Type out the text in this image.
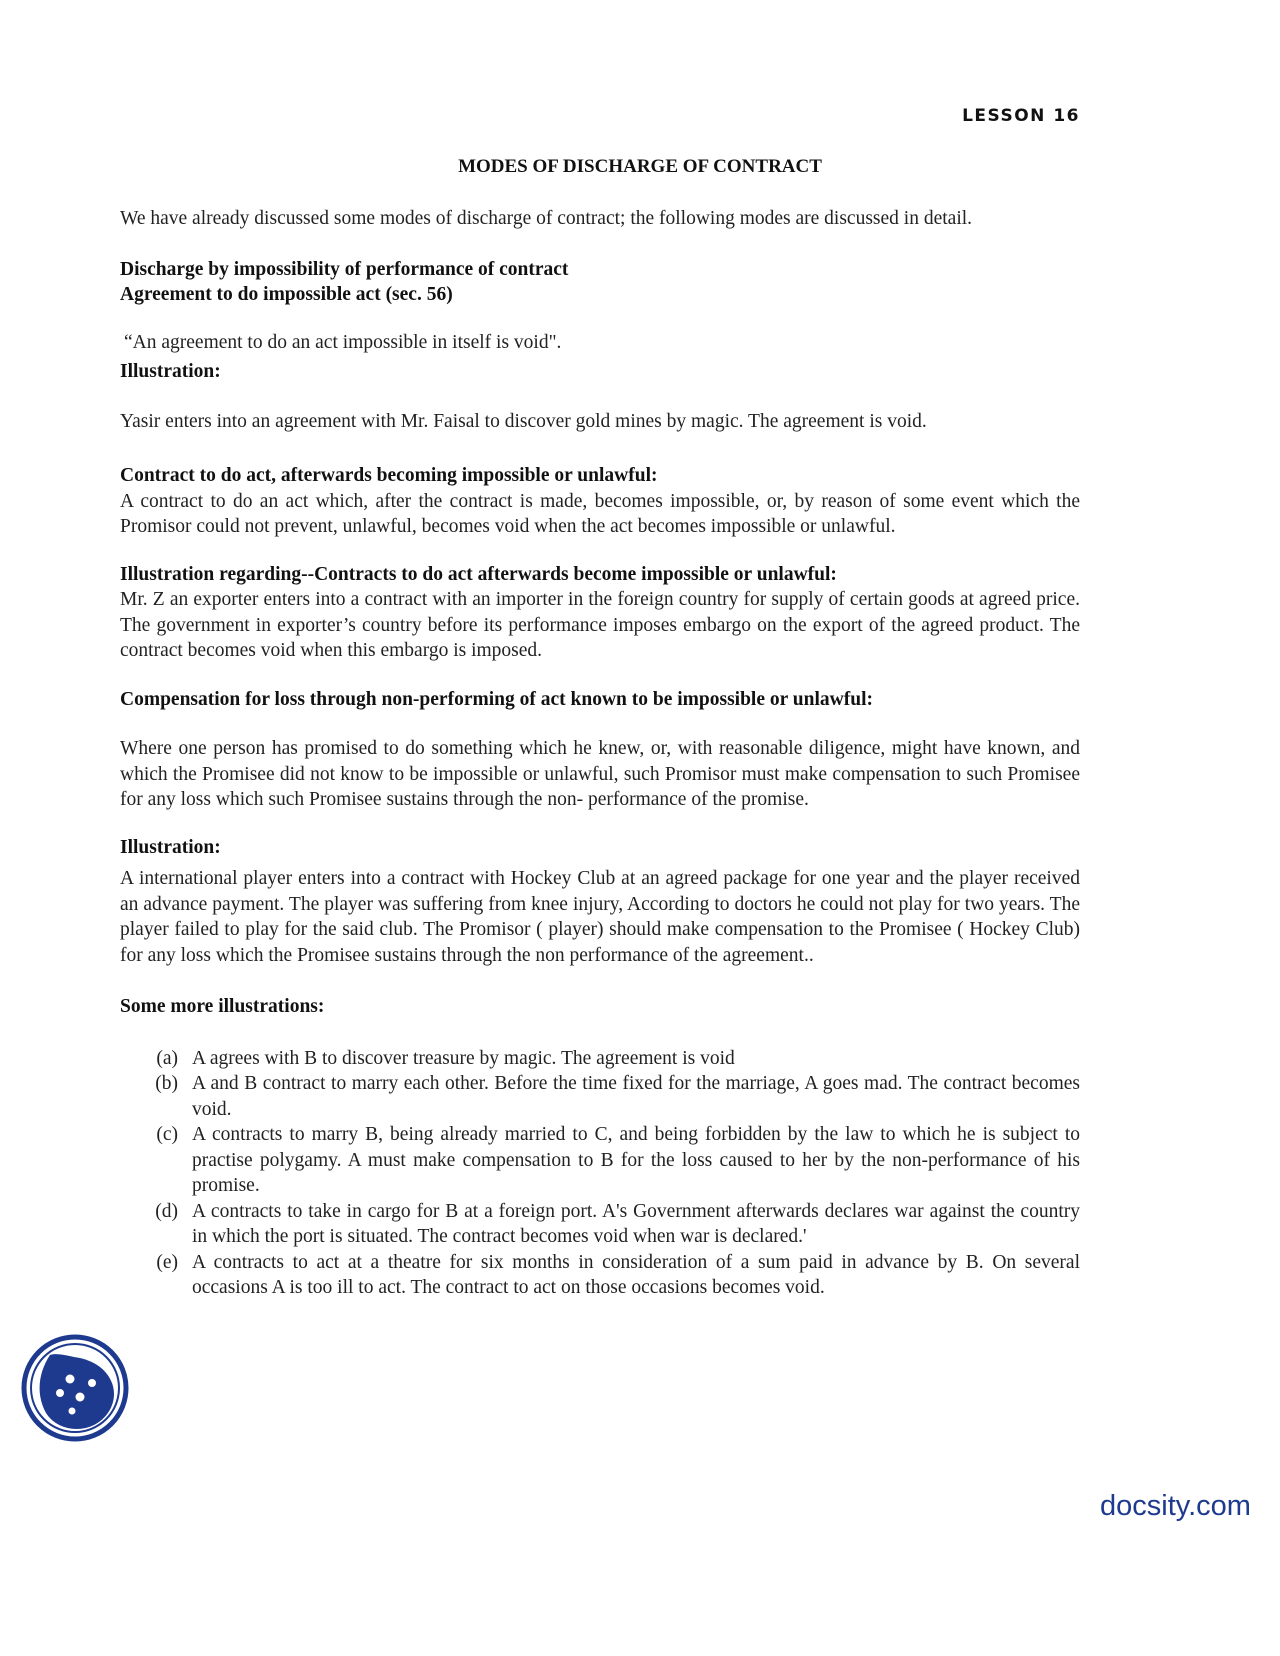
LESSON 16
MODES OF DISCHARGE OF CONTRACT

We have already discussed some modes of discharge of contract; the following modes are discussed in detail.

Discharge by impossibility of performance of contract

Agreement to do impossible act (sec. 56)

“An agreement to do an act impossible in itself is void".

Illustration:

Yasir enters into an agreement with Mr. Faisal to discover gold mines by magic. The agreement is void.

Contract to do act, afterwards becoming impossible or unlawful:

A contract to do an act which, after the contract is made, becomes impossible, or, by reason of some event which the Promisor could not prevent, unlawful, becomes void when the act becomes impossible or unlawful.

Illustration regarding--Contracts to do act afterwards become impossible or unlawful:

Mr. Z an exporter enters into a contract with an importer in the foreign country for supply of certain goods at agreed price. The government in exporter’s country before its performance imposes embargo on the export of the agreed product. The contract becomes void when this embargo is imposed.

Compensation for loss through non-performing of act known to be impossible or unlawful:

Where one person has promised to do something which he knew, or, with reasonable diligence, might have known, and which the Promisee did not know to be impossible or unlawful, such Promisor must make compensation to such Promisee for any loss which such Promisee sustains through the non- performance of the promise.

Illustration:

A international player enters into a contract with Hockey Club at an agreed package for one year and the player received an advance payment. The player was suffering from knee injury, According to doctors he could not play for two years. The player failed to play for the said club. The Promisor ( player) should make compensation to the Promisee ( Hockey Club) for any loss which the Promisee sustains through the non performance of the agreement..

Some more illustrations:

(a) A agrees with B to discover treasure by magic. The agreement is void
(b) A and B contract to marry each other. Before the time fixed for the marriage, A goes mad. The contract becomes void.
(c) A contracts to marry B, being already married to C, and being forbidden by the law to which he is subject to practise polygamy. A must make compensation to B for the loss caused to her by the non-performance of his promise.
(d) A contracts to take in cargo for B at a foreign port. A's Government afterwards declares war against the country in which the port is situated. The contract becomes void when war is declared.'
(e) A contracts to act at a theatre for six months in consideration of a sum paid in advance by B. On several occasions A is too ill to act. The contract to act on those occasions becomes void.
docsity.com
